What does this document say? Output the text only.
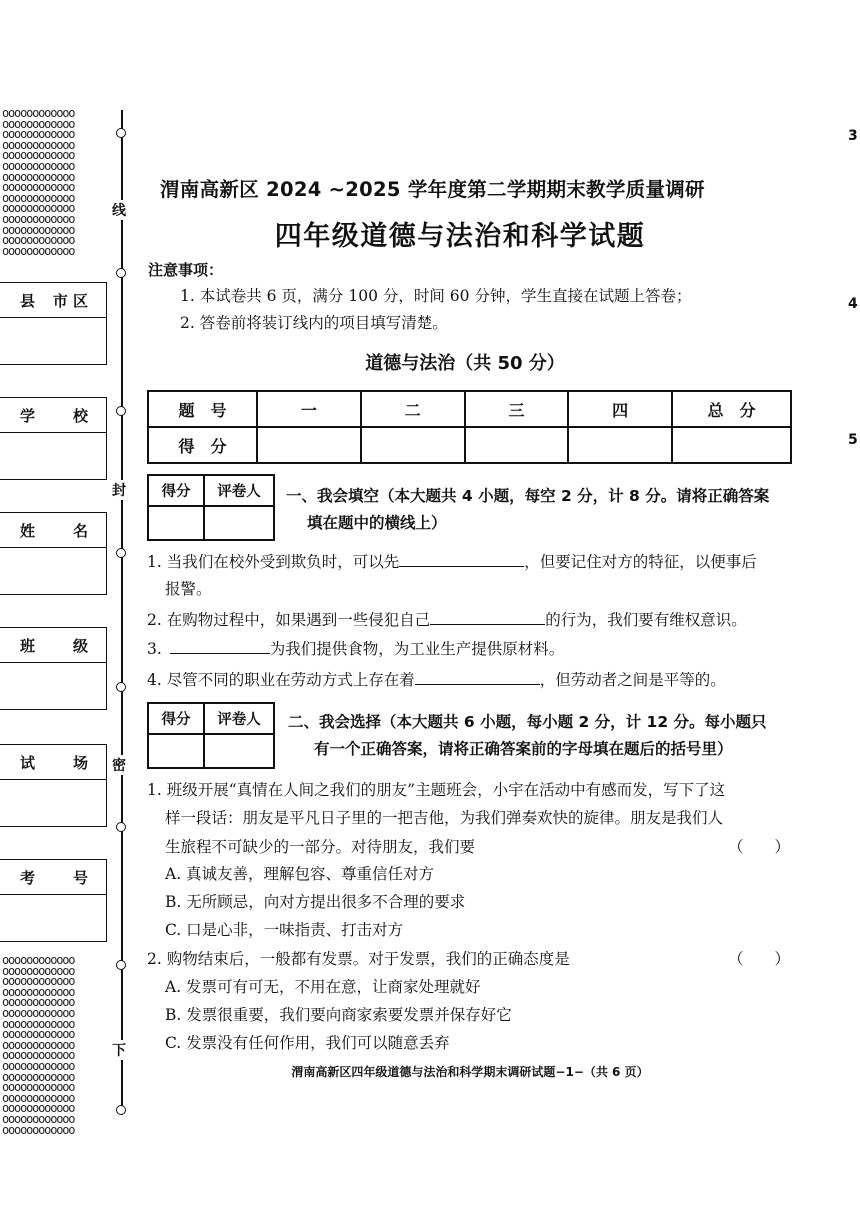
oooooooooooo
oooooooooooo
oooooooooooo
oooooooooooo
oooooooooooo
oooooooooooo
oooooooooooo
oooooooooooo
oooooooooooo
oooooooooooo
oooooooooooo
oooooooooooo
oooooooooooo
oooooooooooo
oooooooooooo
oooooooooooo
oooooooooooo
oooooooooooo
oooooooooooo
oooooooooooo
oooooooooooo
oooooooooooo
oooooooooooo
oooooooooooo
oooooooooooo
oooooooooooo
oooooooooooo
oooooooooooo
oooooooooooo
oooooooooooo
oooooooooooo
线
封
密
下
县 市 区
学	校
姓	名
班	级
试	场
考	号
3
4
5
渭南高新区 2024 ~2025 学年度第二学期期末教学质量调研
四年级道德与法治和科学试题
注意事项：
1. 本试卷共 6 页，满分 100 分，时间 60 分钟，学生直接在试题上答卷；
2. 答卷前将装订线内的项目填写清楚。
道德与法治（共 50 分）
题　号	一	二	三	四	总　分
得　分					
得分	评卷人
	一、我会填空（本大题共 4 小题，每空 2 分，计 8 分。请将正确答案
填在题中的横线上）
1. 当我们在校外受到欺负时，可以先	，但要记住对方的特征，以便事后
报警。
2. 在购物过程中，如果遇到一些侵犯自己	的行为，我们要有维权意识。
3.	为我们提供食物，为工业生产提供原材料。
4. 尽管不同的职业在劳动方式上存在着	，但劳动者之间是平等的。
得分	评卷人
	二、我会选择（本大题共 6 小题，每小题 2 分，计 12 分。每小题只
有一个正确答案，请将正确答案前的字母填在题后的括号里）
1. 班级开展“真情在人间之我们的朋友”主题班会，小宇在活动中有感而发，写下了这
样一段话：朋友是平凡日子里的一把吉他，为我们弹奏欢快的旋律。朋友是我们人
生旅程不可缺少的一部分。对待朋友，我们要	（　　）
A. 真诚友善，理解包容、尊重信任对方
B. 无所顾忌，向对方提出很多不合理的要求
C. 口是心非，一味指责、打击对方
2. 购物结束后，一般都有发票。对于发票，我们的正确态度是	（　　）
A. 发票可有可无，不用在意，让商家处理就好
B. 发票很重要，我们要向商家索要发票并保存好它
C. 发票没有任何作用，我们可以随意丢弃
渭南高新区四年级道德与法治和科学期末调研试题−1−（共 6 页）
